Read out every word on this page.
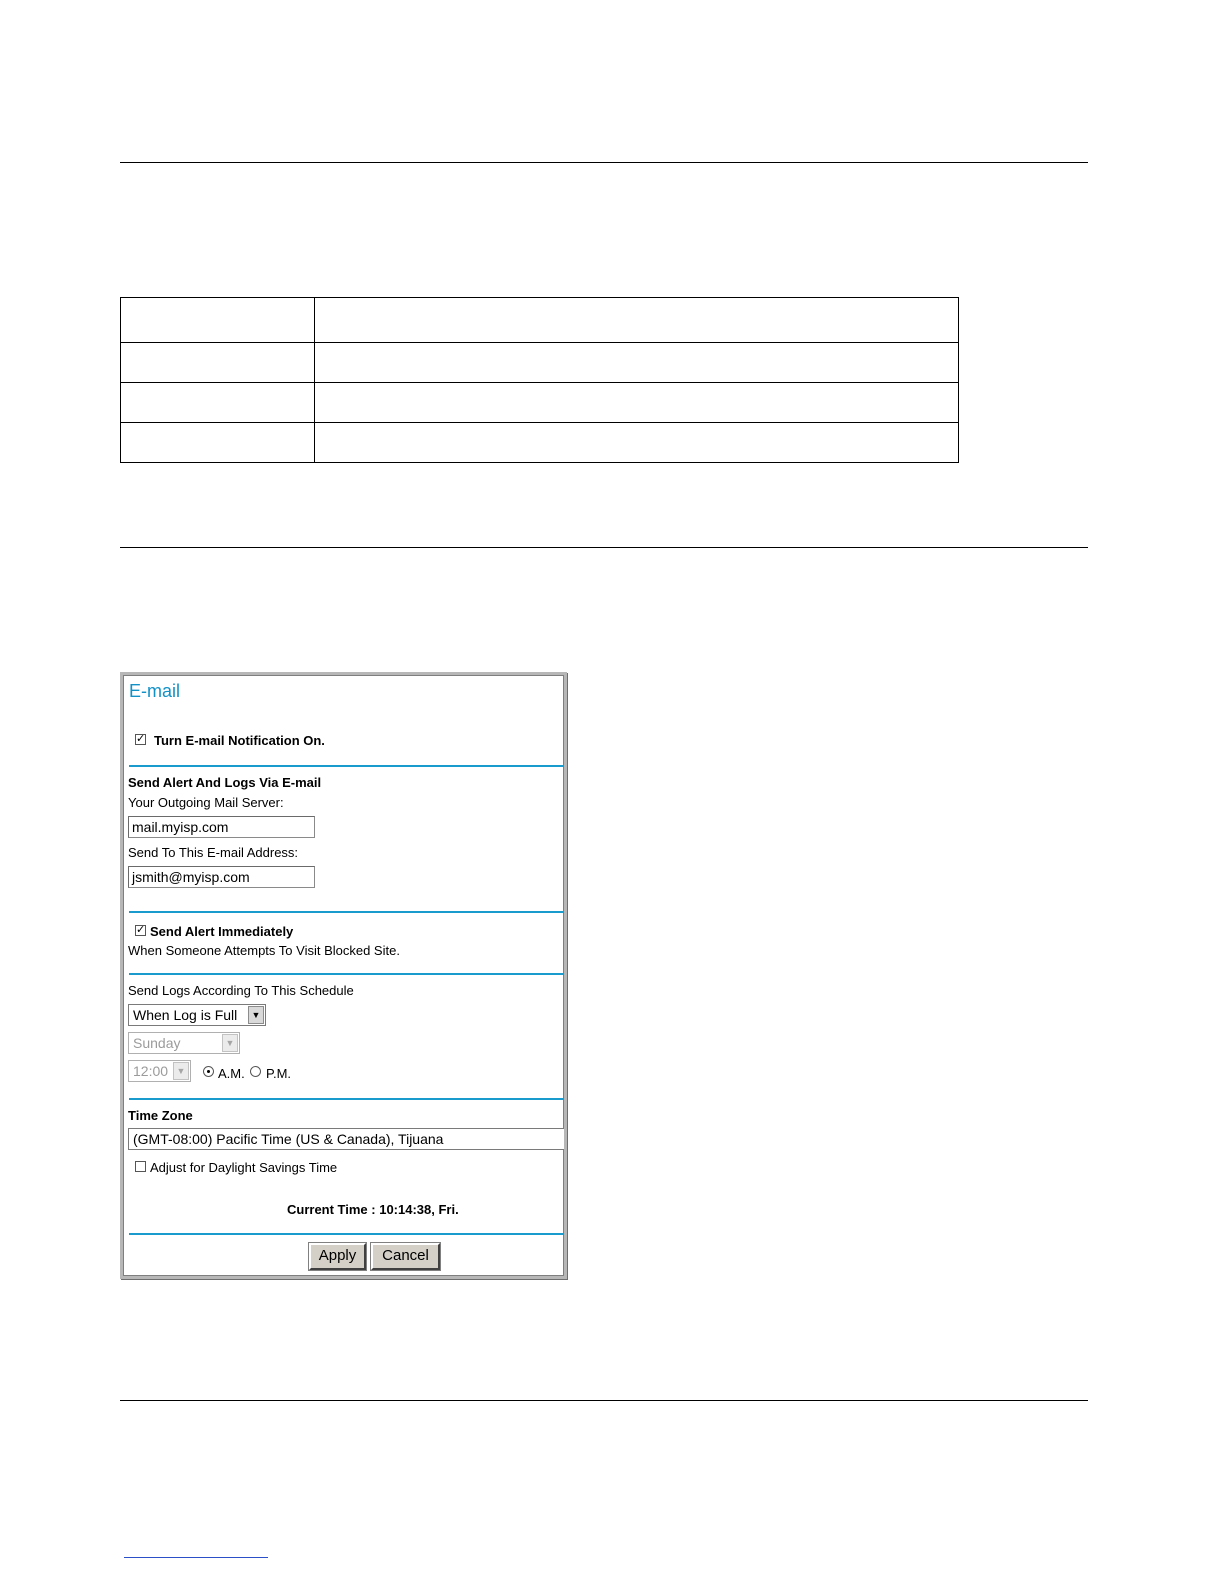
E-mail
✓ Turn E-mail Notification On.
Send Alert And Logs Via E-mail
Your Outgoing Mail Server:
mail.myisp.com
Send To This E-mail Address:
jsmith@myisp.com
✓ Send Alert Immediately
When Someone Attempts To Visit Blocked Site.
Send Logs According To This Schedule
When Log is Full	▼
Sunday	▼
12:00 ▼	A.M. P.M.
Time Zone
(GMT-08:00) Pacific Time (US & Canada), Tijuana
Adjust for Daylight Savings Time
Current Time : 10:14:38, Fri.
Apply	Cancel
